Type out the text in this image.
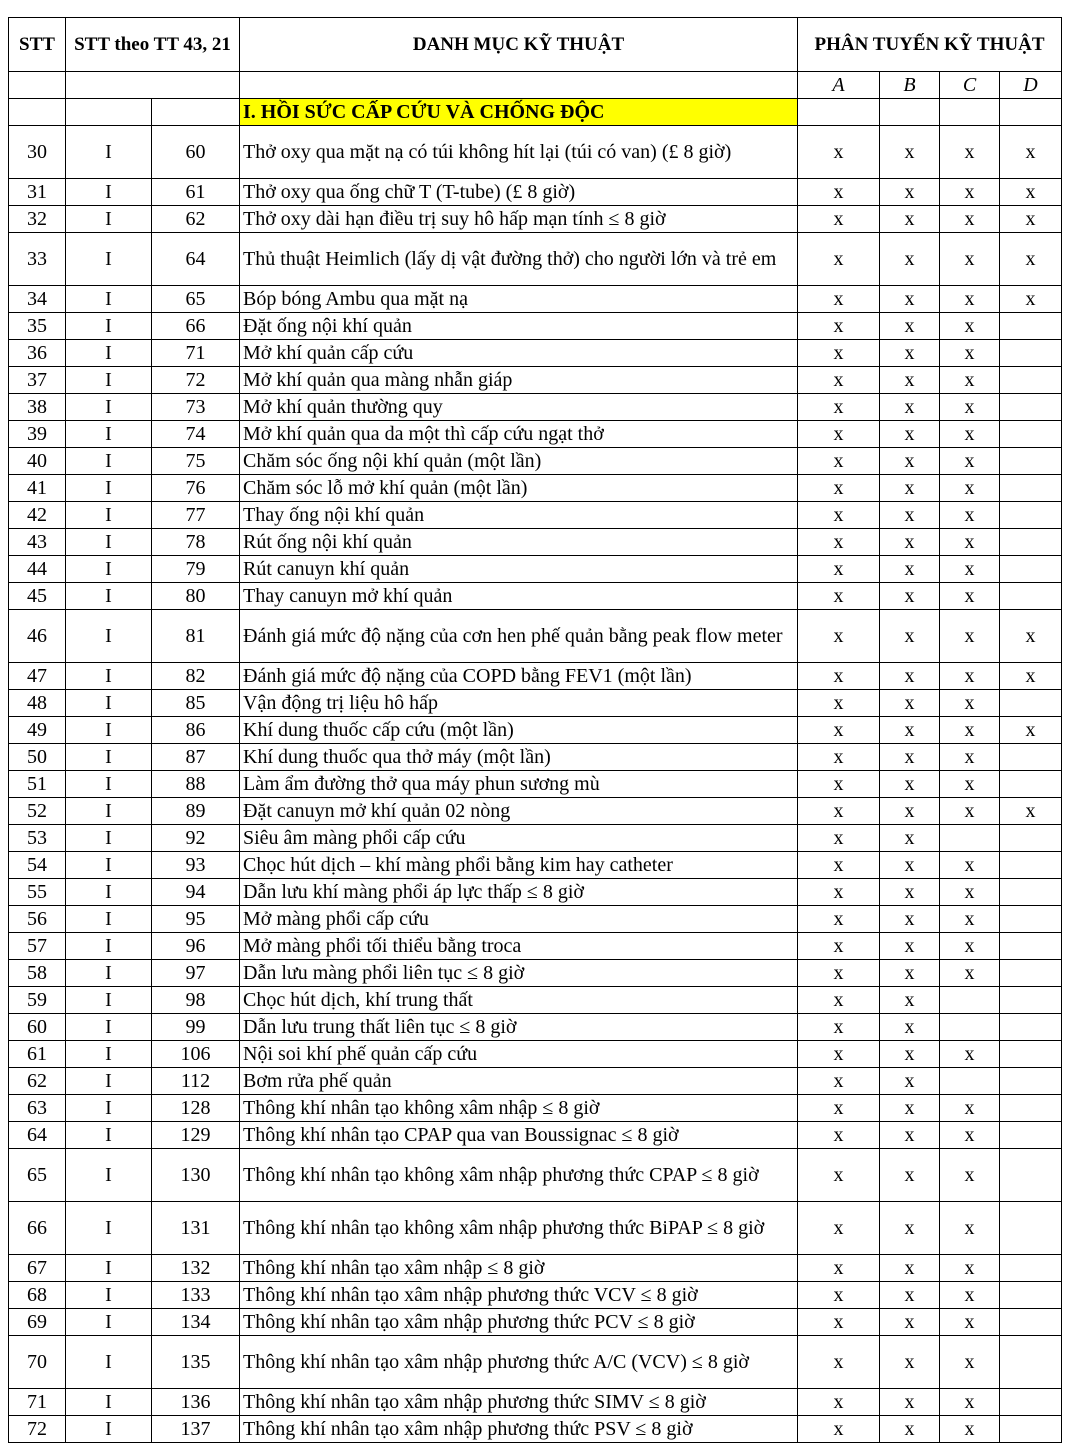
STT	STT theo TT 43, 21		DANH MỤC KỸ THUẬT	PHÂN TUYẾN KỸ THUẬT			
				A	B	C	D
			I. HỒI SỨC CẤP CỨU VÀ CHỐNG ĐỘC				
30	I	60	Thở oxy qua mặt nạ có túi không hít lại (túi có van) (£ 8 giờ)	x	x	x	x
31	I	61	Thở oxy qua ống chữ T (T-tube) (£ 8 giờ)	x	x	x	x
32	I	62	Thở oxy dài hạn điều trị suy hô hấp mạn tính ≤ 8 giờ	x	x	x	x
33	I	64	Thủ thuật Heimlich (lấy dị vật đường thở) cho người lớn và trẻ em	x	x	x	x
34	I	65	Bóp bóng Ambu qua mặt nạ	x	x	x	x
35	I	66	Đặt ống nội khí quản	x	x	x	
36	I	71	Mở khí quản cấp cứu	x	x	x	
37	I	72	Mở khí quản qua màng nhẫn giáp	x	x	x	
38	I	73	Mở khí quản thường quy	x	x	x	
39	I	74	Mở khí quản qua da một thì cấp cứu ngạt thở	x	x	x	
40	I	75	Chăm sóc ống nội khí quản (một lần)	x	x	x	
41	I	76	Chăm sóc lỗ mở khí quản (một lần)	x	x	x	
42	I	77	Thay ống nội khí quản	x	x	x	
43	I	78	Rút ống nội khí quản	x	x	x	
44	I	79	Rút canuyn khí quản	x	x	x	
45	I	80	Thay canuyn mở khí quản	x	x	x	
46	I	81	Đánh giá mức độ nặng của cơn hen phế quản bằng peak flow meter	x	x	x	x
47	I	82	Đánh giá mức độ nặng của COPD bằng FEV1 (một lần)	x	x	x	x
48	I	85	Vận động trị liệu hô hấp	x	x	x	
49	I	86	Khí dung thuốc cấp cứu (một lần)	x	x	x	x
50	I	87	Khí dung thuốc qua thở máy (một lần)	x	x	x	
51	I	88	Làm ẩm đường thở qua máy phun sương mù	x	x	x	
52	I	89	Đặt canuyn mở khí quản 02 nòng	x	x	x	x
53	I	92	Siêu âm màng phổi cấp cứu	x	x		
54	I	93	Chọc hút dịch – khí màng phổi bằng kim hay catheter	x	x	x	
55	I	94	Dẫn lưu khí màng phổi áp lực thấp ≤ 8 giờ	x	x	x	
56	I	95	Mở màng phổi cấp cứu	x	x	x	
57	I	96	Mở màng phổi tối thiểu bằng troca	x	x	x	
58	I	97	Dẫn lưu màng phổi liên tục ≤ 8 giờ	x	x	x	
59	I	98	Chọc hút dịch, khí trung thất	x	x		
60	I	99	Dẫn lưu trung thất liên tục ≤ 8 giờ	x	x		
61	I	106	Nội soi khí phế quản cấp cứu	x	x	x	
62	I	112	Bơm rửa phế quản	x	x		
63	I	128	Thông khí nhân tạo không xâm nhập ≤ 8 giờ	x	x	x	
64	I	129	Thông khí nhân tạo CPAP qua van Boussignac ≤ 8 giờ	x	x	x	
65	I	130	Thông khí nhân tạo không xâm nhập phương thức CPAP ≤ 8 giờ	x	x	x	
66	I	131	Thông khí nhân tạo không xâm nhập phương thức BiPAP ≤ 8 giờ	x	x	x	
67	I	132	Thông khí nhân tạo xâm nhập ≤ 8 giờ	x	x	x	
68	I	133	Thông khí nhân tạo xâm nhập phương thức VCV ≤ 8 giờ	x	x	x	
69	I	134	Thông khí nhân tạo xâm nhập phương thức PCV ≤ 8 giờ	x	x	x	
70	I	135	Thông khí nhân tạo xâm nhập phương thức A/C (VCV) ≤ 8 giờ	x	x	x	
71	I	136	Thông khí nhân tạo xâm nhập phương thức SIMV ≤ 8 giờ	x	x	x	
72	I	137	Thông khí nhân tạo xâm nhập phương thức PSV ≤ 8 giờ	x	x	x	
